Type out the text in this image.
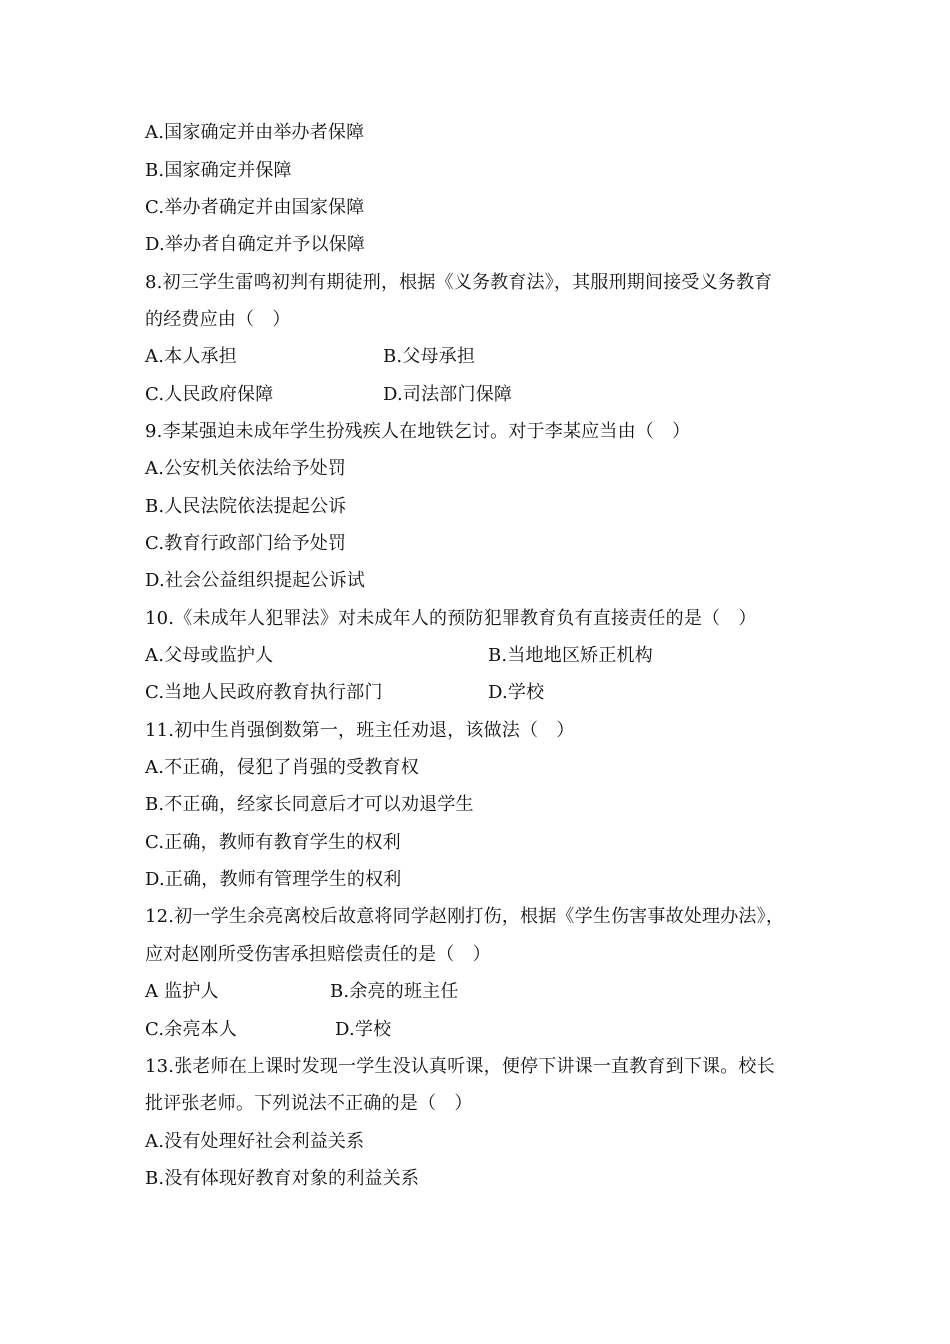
A.国家确定并由举办者保障
B.国家确定并保障
C.举办者确定并由国家保障
D.举办者自确定并予以保障
8.初三学生雷鸣初判有期徒刑，根据《义务教育法》，其服刑期间接受义务教育
的经费应由（　）
A.本人承担	B.父母承担
C.人民政府保障	D.司法部门保障
9.李某强迫未成年学生扮残疾人在地铁乞讨。对于李某应当由（　）
A.公安机关依法给予处罚
B.人民法院依法提起公诉
C.教育行政部门给予处罚
D.社会公益组织提起公诉试
10.《未成年人犯罪法》对未成年人的预防犯罪教育负有直接责任的是（　）
A.父母或监护人	B.当地地区矫正机构
C.当地人民政府教育执行部门	D.学校
11.初中生肖强倒数第一，班主任劝退，该做法（　）
A.不正确，侵犯了肖强的受教育权
B.不正确，经家长同意后才可以劝退学生
C.正确，教师有教育学生的权利
D.正确，教师有管理学生的权利
12.初一学生余亮离校后故意将同学赵刚打伤，根据《学生伤害事故处理办法》，
应对赵刚所受伤害承担赔偿责任的是（　）
A 监护人	B.余亮的班主任
C.余亮本人	D.学校
13.张老师在上课时发现一学生没认真听课，便停下讲课一直教育到下课。校长
批评张老师。下列说法不正确的是（　）
A.没有处理好社会利益关系
B.没有体现好教育对象的利益关系
